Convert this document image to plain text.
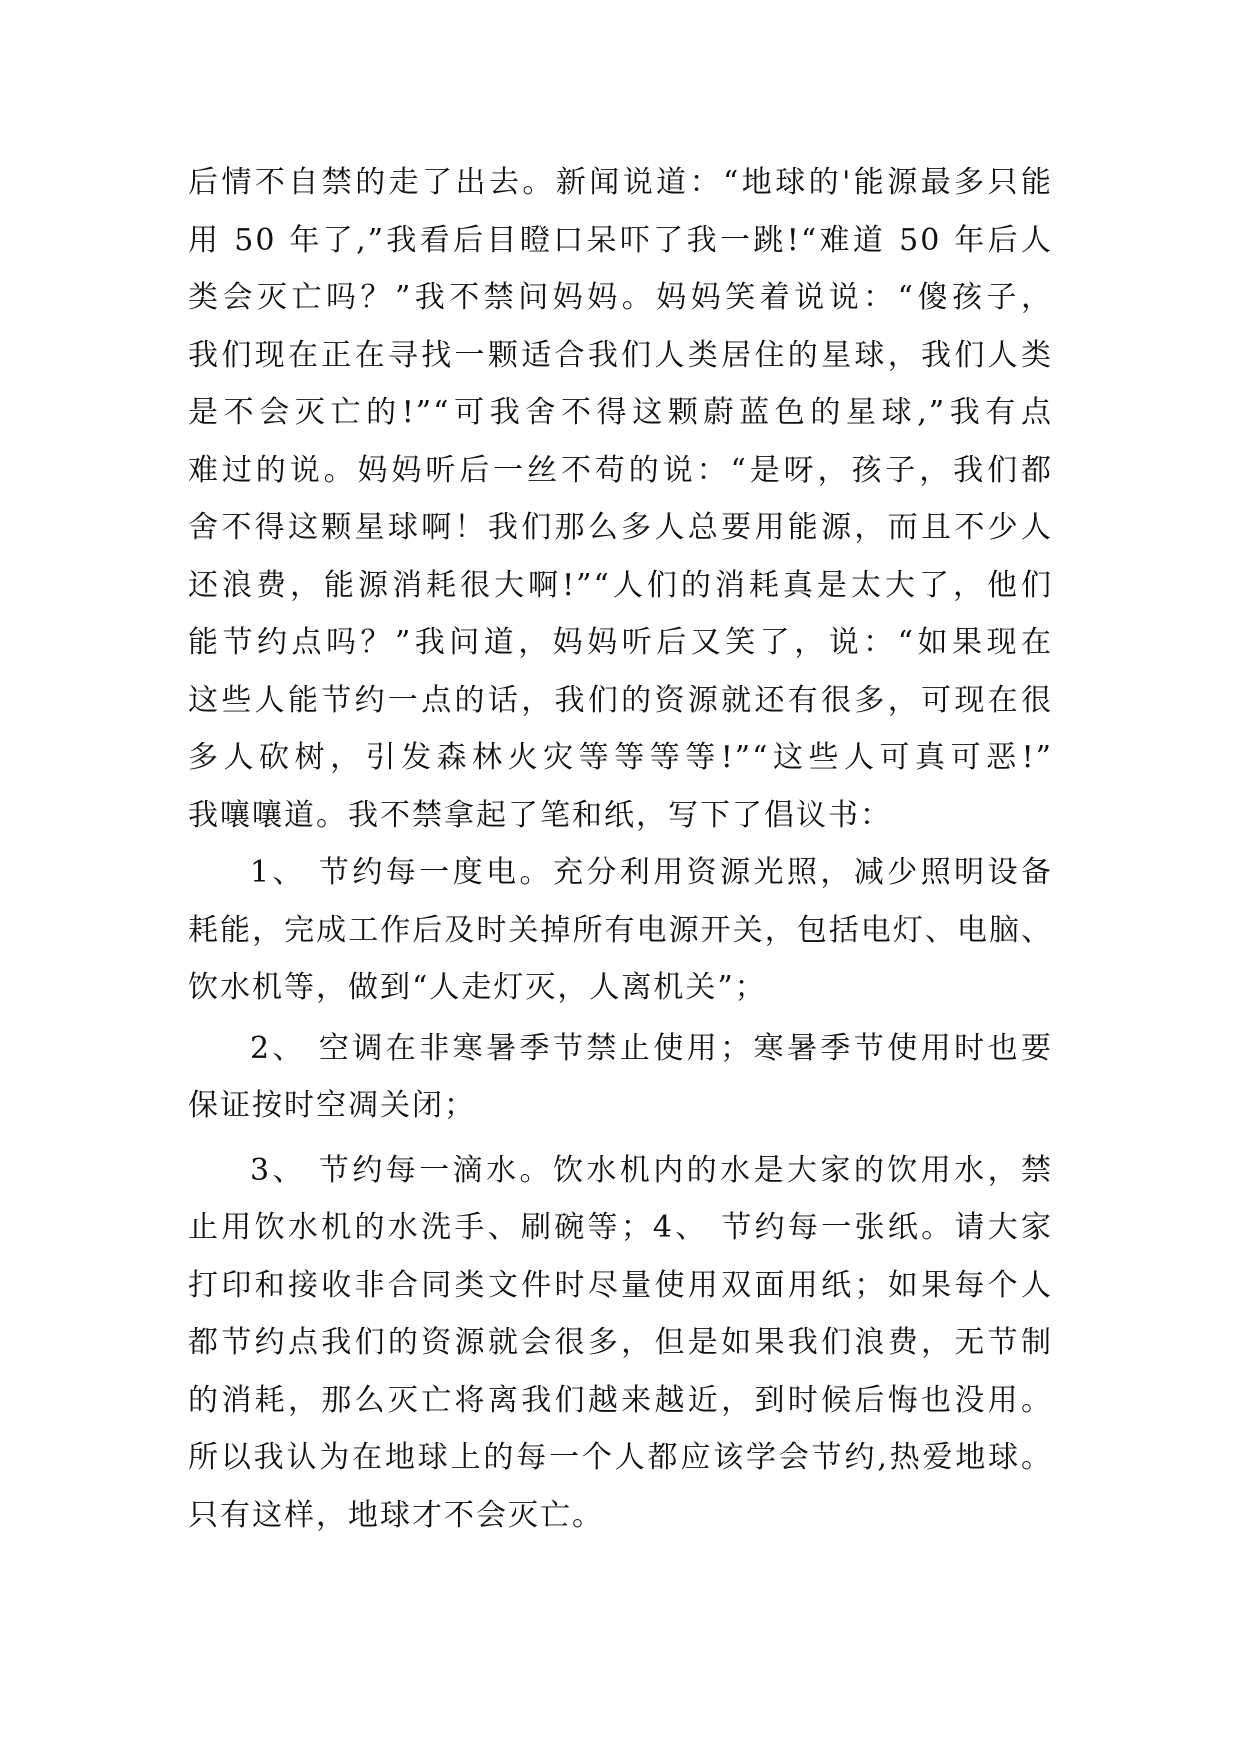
后情不自禁的走了出去。新闻说道：“地球的'能源最多只能
用 50 年了,”我看后目瞪口呆吓了我一跳!“难道 50 年后人
类会灭亡吗？”我不禁问妈妈。妈妈笑着说说：“傻孩子，
我们现在正在寻找一颗适合我们人类居住的星球，我们人类
是不会灭亡的!”“可我舍不得这颗蔚蓝色的星球,”我有点
难过的说。妈妈听后一丝不苟的说：“是呀，孩子，我们都
舍不得这颗星球啊！我们那么多人总要用能源，而且不少人
还浪费，能源消耗很大啊!”“人们的消耗真是太大了，他们
能节约点吗？”我问道，妈妈听后又笑了，说：“如果现在
这些人能节约一点的话，我们的资源就还有很多，可现在很
多人砍树，引发森林火灾等等等等!”“这些人可真可恶!”
我嚷嚷道。我不禁拿起了笔和纸，写下了倡议书：
1、 节约每一度电。充分利用资源光照，减少照明设备
耗能，完成工作后及时关掉所有电源开关，包括电灯、电脑、
饮水机等，做到“人走灯灭，人离机关”；
2、 空调在非寒暑季节禁止使用；寒暑季节使用时也要
保证按时空凋关闭；
3、 节约每一滴水。饮水机内的水是大家的饮用水，禁
止用饮水机的水洗手、刷碗等；4、 节约每一张纸。请大家
打印和接收非合同类文件时尽量使用双面用纸；如果每个人
都节约点我们的资源就会很多，但是如果我们浪费，无节制
的消耗，那么灭亡将离我们越来越近，到时候后悔也没用。
所以我认为在地球上的每一个人都应该学会节约,热爱地球。
只有这样，地球才不会灭亡。
